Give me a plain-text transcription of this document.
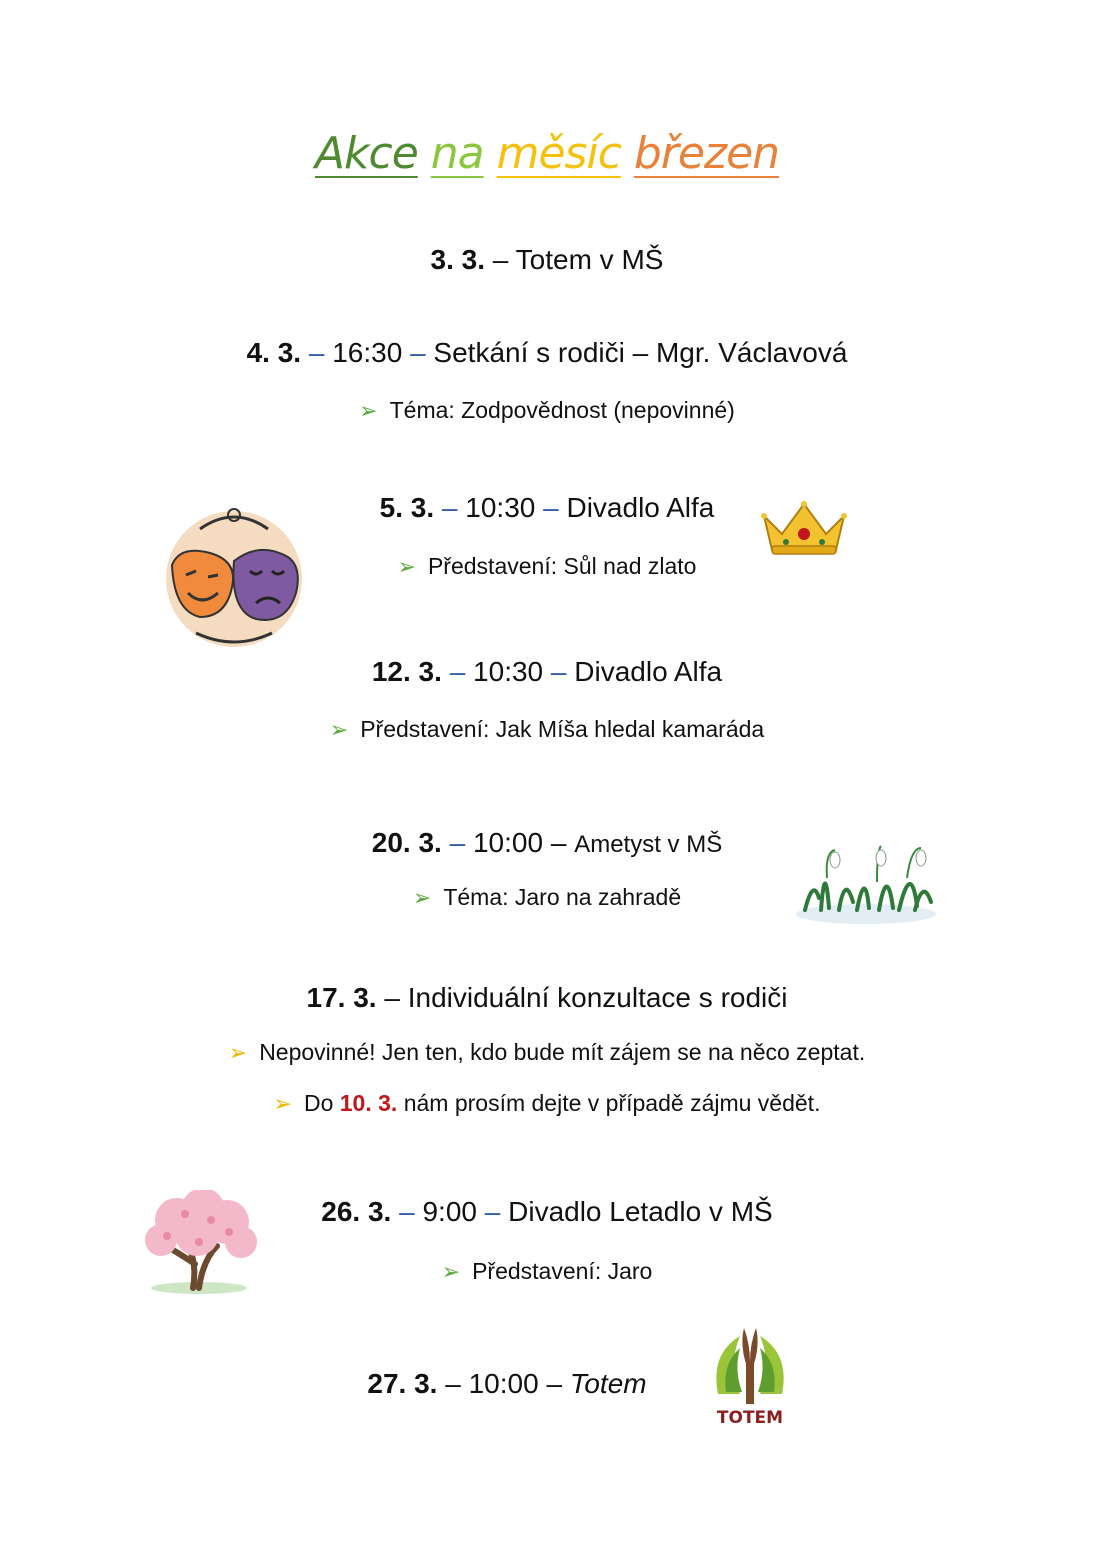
Akce na měsíc březen
3. 3. – Totem v MŠ
4. 3. – 16:30 – Setkání s rodiči – Mgr. Václavová
➢ Téma: Zodpovědnost (nepovinné)
5. 3. – 10:30 – Divadlo Alfa
➢ Představení: Sůl nad zlato
12. 3. – 10:30 – Divadlo Alfa
➢ Představení: Jak Míša hledal kamaráda
20. 3. – 10:00 – Ametyst v MŠ
➢ Téma: Jaro na zahradě
17. 3. – Individuální konzultace s rodiči
➢ Nepovinné! Jen ten, kdo bude mít zájem se na něco zeptat.
➢ Do 10. 3. nám prosím dejte v případě zájmu vědět.
26. 3. – 9:00 – Divadlo Letadlo v MŠ
➢ Představení: Jaro
27. 3. – 10:00 – Totem
TOTEM
